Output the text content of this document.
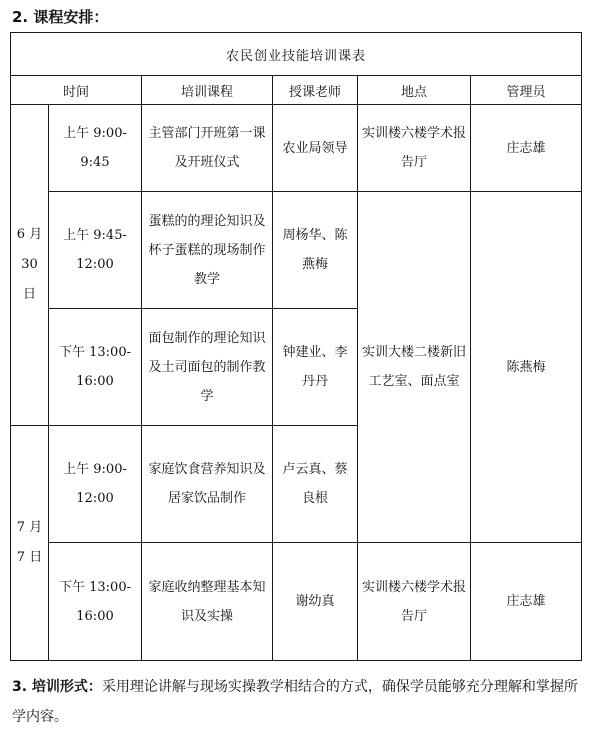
2. 课程安排：
农民创业技能培训课表					
时间		培训课程	授课老师	地点	管理员
6 月 30 日	上午 9:00-9:45	主管部门开班第一课及开班仪式	农业局领导	实训楼六楼学术报告厅	庄志雄
	上午 9:45-12:00	蛋糕的的理论知识及杯子蛋糕的现场制作教学	周杨华、陈燕梅	实训大楼二楼新旧工艺室、面点室	陈燕梅
	下午 13:00-16:00	面包制作的理论知识及土司面包的制作教学	钟建业、李丹丹		
7 月 7 日	上午 9:00-12:00	家庭饮食营养知识及居家饮品制作	卢云真、蔡良根		
	下午 13:00-16:00	家庭收纳整理基本知识及实操	谢幼真	实训楼六楼学术报告厅	庄志雄
3. 培训形式：采用理论讲解与现场实操教学相结合的方式，确保学员能够充分理解和掌握所学内容。
